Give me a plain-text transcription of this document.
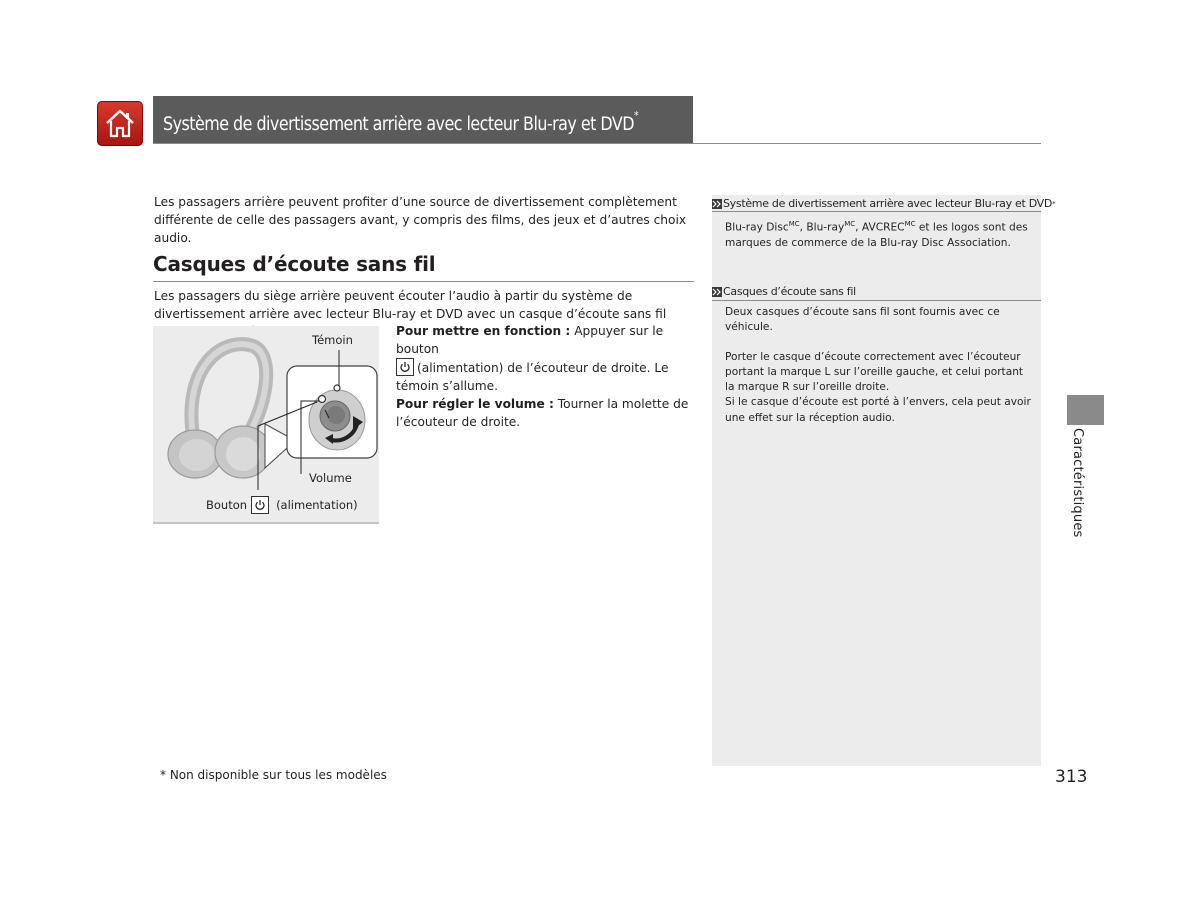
Système de divertissement arrière avec lecteur Blu-ray et DVD*
Les passagers arrière peuvent profiter d’une source de divertissement complètement différente de celle des passagers avant, y compris des films, des jeux et d’autres choix audio.
Casques d’écoute sans fil
Les passagers du siège arrière peuvent écouter l’audio à partir du système de divertissement arrière avec lecteur Blu-ray et DVD avec un casque d’écoute sans fil
Pour mettre en fonction : Appuyer sur le bouton

(alimentation) de l’écouteur de droite. Le témoin s’allume.
Pour régler le volume : Tourner la molette de l’écouteur de droite.
Témoin
Volume
Bouton	(alimentation)
* Non disponible sur tous les modèles	313
Système de divertissement arrière avec lecteur Blu-ray et DVD *
Blu-ray Disc$^{MC}$, Blu-ray$^{MC}$, $AVCREC^{MC}$ et les logos sont des marques de commerce de la Blu-ray Disc Association.
Casques d’écoute sans fil
Deux casques d’écoute sans fil sont fournis avec ce véhicule.
Porter le casque d’écoute correctement avec l’écouteur portant la marque L sur l’oreille gauche, et celui portant la marque R sur l’oreille droite.
Si le casque d’écoute est porté à l’envers, cela peut avoir une effet sur la réception audio.
Caractéristiques
